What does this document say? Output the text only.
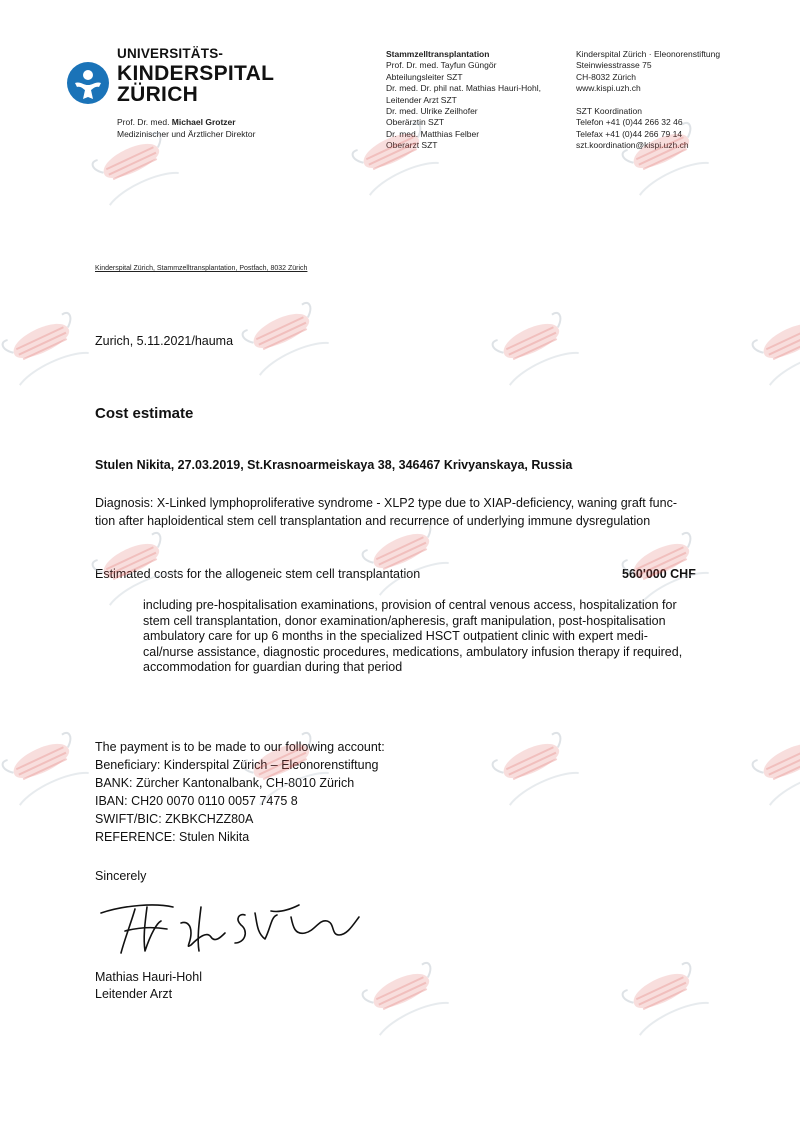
UNIVERSITÄTS-
KINDERSPITAL
ZÜRICH
Prof. Dr. med. Michael Grotzer
Medizinischer und Ärztlicher Direktor
Stammzelltransplantation
Prof. Dr. med. Tayfun Güngör
Abteilungsleiter SZT
Dr. med. Dr. phil nat. Mathias Hauri-Hohl,
Leitender Arzt SZT
Dr. med. Ulrike Zeilhofer
Oberärztin SZT
Dr. med. Matthias Felber
Oberarzt SZT
Kinderspital Zürich · Eleonorenstiftung
Steinwiesstrasse 75
CH-8032 Zürich
www.kispi.uzh.ch
SZT Koordination
Telefon +41 (0)44 266 32 46
Telefax +41 (0)44 266 79 14
szt.koordination@kispi.uzh.ch
Kinderspital Zürich, Stammzelltransplantation, Postfach, 8032 Zürich
Zurich, 5.11.2021/hauma
Cost estimate
Stulen Nikita, 27.03.2019, St.Krasnoarmeiskaya 38, 346467 Krivyanskaya, Russia
Diagnosis: X-Linked lymphoproliferative syndrome - XLP2 type due to XIAP-deficiency, waning graft func-
tion after haploidentical stem cell transplantation and recurrence of underlying immune dysregulation
Estimated costs for the allogeneic stem cell transplantation	560'000 CHF
including pre-hospitalisation examinations, provision of central venous access, hospitalization for
stem cell transplantation, donor examination/apheresis, graft manipulation, post-hospitalisation
ambulatory care for up 6 months in the specialized HSCT outpatient clinic with expert medi-
cal/nurse assistance, diagnostic procedures, medications, ambulatory infusion therapy if required,
accommodation for guardian during that period
The payment is to be made to our following account:
Beneficiary: Kinderspital Zürich – Eleonorenstiftung
BANK: Zürcher Kantonalbank, CH-8010 Zürich
IBAN: CH20 0070 0110 0057 7475 8
SWIFT/BIC: ZKBKCHZZ80A
REFERENCE: Stulen Nikita
Sincerely
Mathias Hauri-Hohl
Leitender Arzt
